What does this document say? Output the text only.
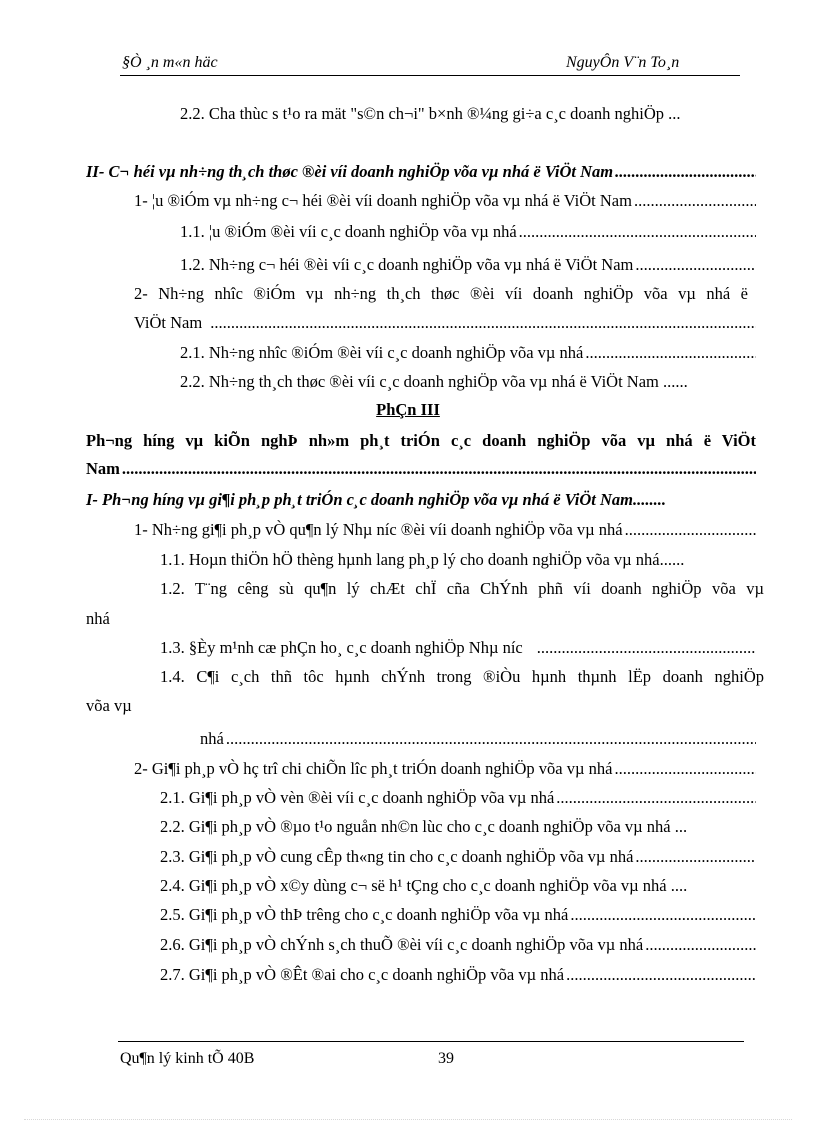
§Ò ¸n m«n häc	NguyÔn V¨n To¸n
2.2. Cha thùc s t¹o ra mät "s©n ch¬i" b×nh ®¼ng gi÷a c¸c doanh nghiÖp ...
II- C¬ héi vµ nh÷ng th¸ch thøc ®èi víi doanh nghiÖp võa vµ nhá ë ViÖt Nam
.....
1- ¦u ®iÓm vµ nh÷ng c¬ héi ®èi víi doanh nghiÖp võa vµ nhá ë ViÖt Nam
.....
1.1. ¦u ®iÓm ®èi víi c¸c doanh nghiÖp võa vµ nhá
.....
1.2. Nh÷ng c¬ héi ®èi víi c¸c doanh nghiÖp võa vµ nhá ë ViÖt Nam
.....
2- Nh÷ng nhîc ®iÓm vµ nh÷ng th¸ch thøc ®èi víi doanh nghiÖp võa vµ nhá ë
ViÖt Nam
.....
2.1. Nh÷ng nhîc ®iÓm ®èi víi c¸c doanh nghiÖp võa vµ nhá
.....
2.2. Nh÷ng th¸ch thøc ®èi víi c¸c doanh nghiÖp võa vµ nhá ë ViÖt Nam ......
PhÇn III
Ph¬ng híng vµ kiÕn nghÞ nh»m ph¸t triÓn c¸c doanh nghiÖp võa vµ nhá ë ViÖt
Nam
.....
I- Ph¬ng híng vµ gi¶i ph¸p ph¸t triÓn c¸c doanh nghiÖp võa vµ nhá ë ViÖt Nam........
1- Nh÷ng gi¶i ph¸p vÒ qu¶n lý Nhµ níc ®èi víi doanh nghiÖp võa vµ nhá
.....
1.1. Hoµn thiÖn hÖ thèng hµnh lang ph¸p lý cho doanh nghiÖp võa vµ nhá......
1.2. T¨ng cêng sù qu¶n lý chÆt chÏ cña ChÝnh phñ víi doanh nghiÖp võa vµ
nhá
1.3. §Èy m¹nh cæ phÇn ho¸ c¸c doanh nghiÖp Nhµ níc
.....
1.4. C¶i c¸ch thñ tôc hµnh chÝnh trong ®iÒu hµnh thµnh lËp doanh nghiÖp
võa vµ
nhá
.....
2- Gi¶i ph¸p vÒ hç trî chi chiÕn lîc ph¸t triÓn doanh nghiÖp võa vµ nhá
.....
2.1. Gi¶i ph¸p vÒ vèn ®èi víi c¸c doanh nghiÖp võa vµ nhá
.....
2.2. Gi¶i ph¸p vÒ ®µo t¹o nguån nh©n lùc cho c¸c doanh nghiÖp võa vµ nhá ...
2.3. Gi¶i ph¸p vÒ cung cÊp th«ng tin cho c¸c doanh nghiÖp võa vµ nhá
.....
2.4. Gi¶i ph¸p vÒ x©y dùng c¬ së h¹ tÇng cho c¸c doanh nghiÖp võa vµ nhá ....
2.5. Gi¶i ph¸p vÒ thÞ trêng cho c¸c doanh nghiÖp võa vµ nhá
.....
2.6. Gi¶i ph¸p vÒ chÝnh s¸ch thuÕ ®èi víi c¸c doanh nghiÖp võa vµ nhá
.....
2.7. Gi¶i ph¸p vÒ ®Êt ®ai cho c¸c doanh nghiÖp võa vµ nhá
.....
Qu¶n lý kinh tÕ 40B	39
